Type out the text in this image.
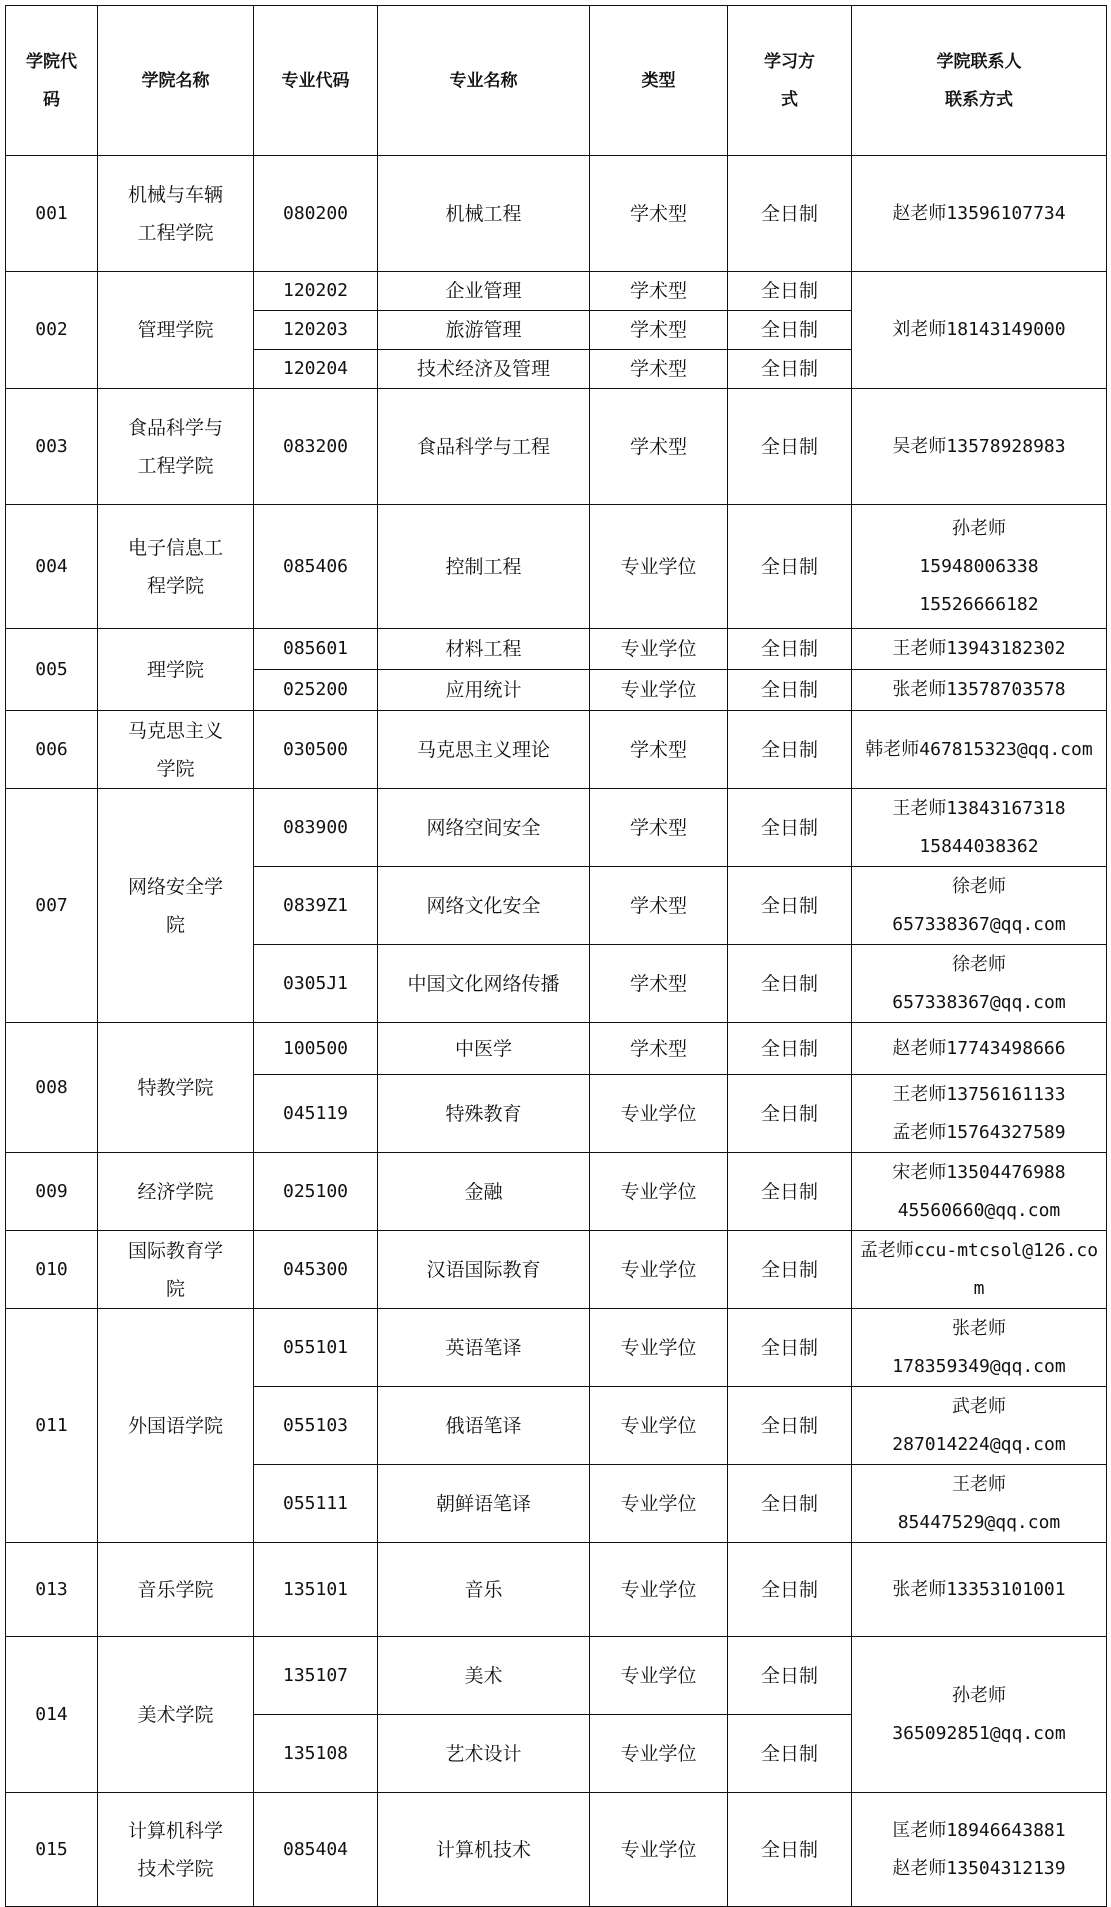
学院代码	学院名称	专业代码	专业名称	类型	学习方式	学院联系人
联系方式

001	机械与车辆工程学院	080200	机械工程	学术型	全日制	赵老师13596107734

002	管理学院	120202	企业管理	学术型	全日制	刘老师18143149000

		120203	旅游管理	学术型	全日制	
		120204	技术经济及管理	学术型	全日制	
003	食品科学与工程学院	083200	食品科学与工程	学术型	全日制	吴老师13578928983

004	电子信息工程学院	085406	控制工程	专业学位	全日制	孙老师
15948006338
15526666182

005	理学院	085601	材料工程	专业学位	全日制	王老师13943182302

		025200	应用统计	专业学位	全日制	张老师13578703578

006	马克思主义学院	030500	马克思主义理论	学术型	全日制	韩老师467815323@qq.com

007	网络安全学院	083900	网络空间安全	学术型	全日制	王老师13843167318
15844038362

		0839Z1	网络文化安全	学术型	全日制	徐老师
657338367@qq.com

		0305J1	中国文化网络传播	学术型	全日制	徐老师
657338367@qq.com

008	特教学院	100500	中医学	学术型	全日制	赵老师17743498666

		045119	特殊教育	专业学位	全日制	王老师13756161133
孟老师15764327589

009	经济学院	025100	金融	专业学位	全日制	宋老师13504476988
45560660@qq.com

010	国际教育学院	045300	汉语国际教育	专业学位	全日制	孟老师ccu-mtcsol@126.com

011	外国语学院	055101	英语笔译	专业学位	全日制	张老师
178359349@qq.com

		055103	俄语笔译	专业学位	全日制	武老师
287014224@qq.com

		055111	朝鲜语笔译	专业学位	全日制	王老师
85447529@qq.com

013	音乐学院	135101	音乐	专业学位	全日制	张老师13353101001

014	美术学院	135107	美术	专业学位	全日制	孙老师
365092851@qq.com

		135108	艺术设计	专业学位	全日制	
015	计算机科学技术学院	085404	计算机技术	专业学位	全日制	匡老师18946643881
赵老师13504312139
